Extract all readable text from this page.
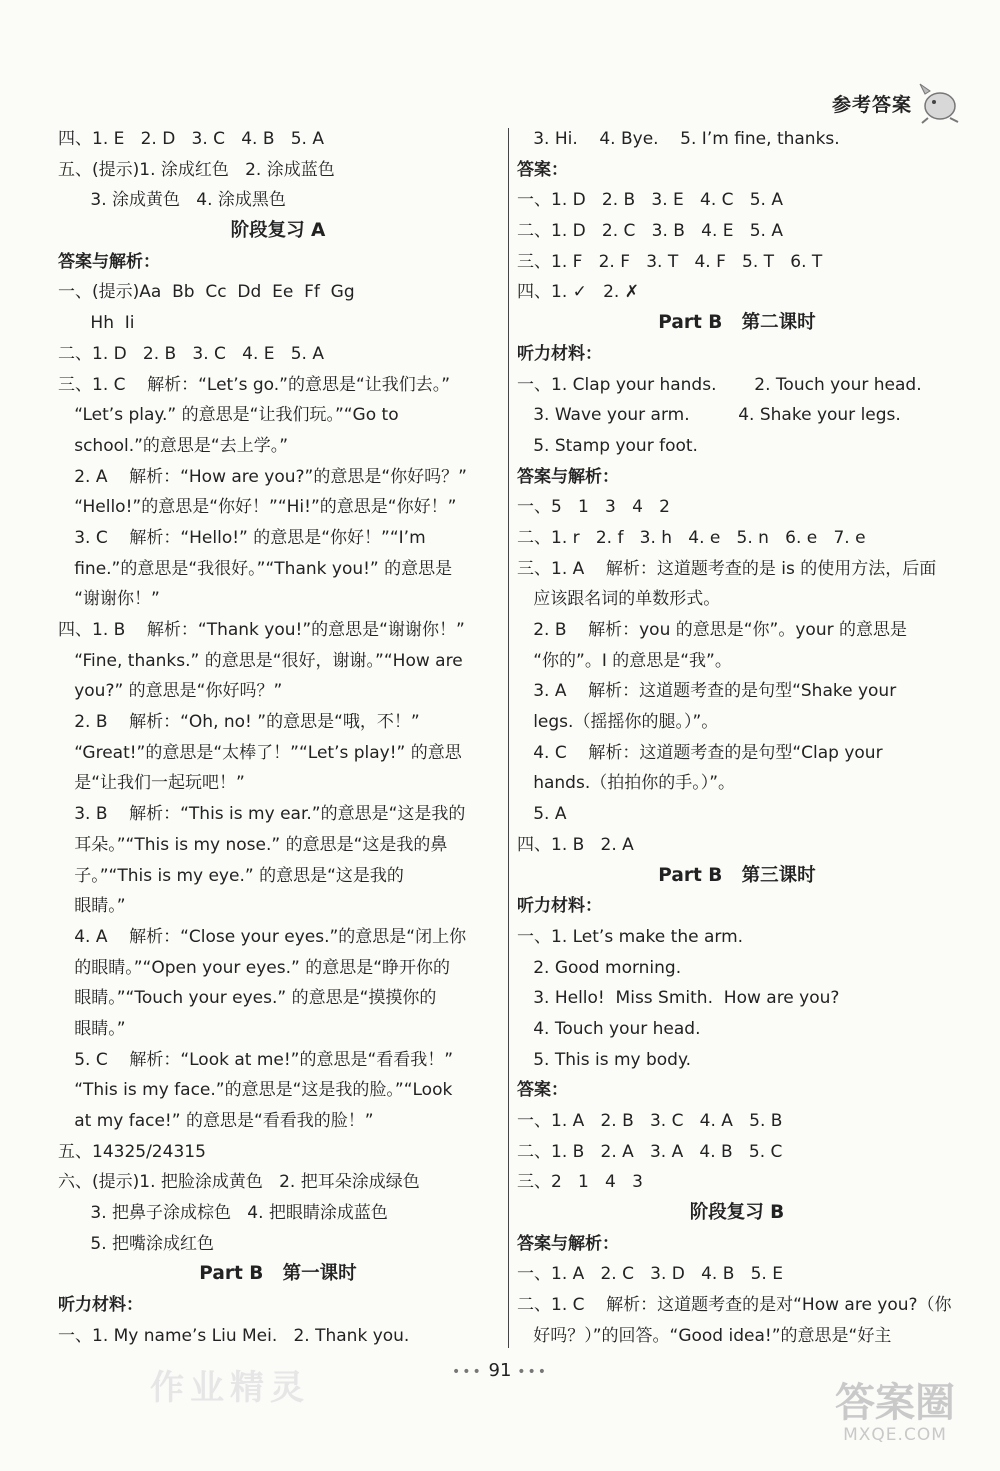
参考答案
四、1. E   2. D   3. C   4. B   5. A
五、(提示)1. 涂成红色   2. 涂成蓝色
3. 涂成黄色   4. 涂成黑色
阶段复习 A
答案与解析：
一、(提示)Aa  Bb  Cc  Dd  Ee  Ff  Gg
Hh  Ii
二、1. D   2. B   3. C   4. E   5. A
三、1. C    解析：“Let’s go.”的意思是“让我们去。”
“Let’s play.” 的意思是“让我们玩。”“Go to
school.”的意思是“去上学。”
2. A    解析：“How are you?”的意思是“你好吗？”
“Hello!”的意思是“你好！”“Hi!”的意思是“你好！”
3. C    解析：“Hello!” 的意思是“你好！”“I’m
fine.”的意思是“我很好。”“Thank you!” 的意思是
“谢谢你！”
四、1. B    解析：“Thank you!”的意思是“谢谢你！”
“Fine, thanks.” 的意思是“很好，谢谢。”“How are
you?” 的意思是“你好吗？”
2. B    解析：“Oh, no! ”的意思是“哦，不！”
“Great!”的意思是“太棒了！”“Let’s play!” 的意思
是“让我们一起玩吧！”
3. B    解析：“This is my ear.”的意思是“这是我的
耳朵。”“This is my nose.” 的意思是“这是我的鼻
子。”“This is my eye.” 的意思是“这是我的
眼睛。”
4. A    解析：“Close your eyes.”的意思是“闭上你
的眼睛。”“Open your eyes.” 的意思是“睁开你的
眼睛。”“Touch your eyes.” 的意思是“摸摸你的
眼睛。”
5. C    解析：“Look at me!”的意思是“看看我！”
“This is my face.”的意思是“这是我的脸。”“Look
at my face!” 的意思是“看看我的脸！”
五、14325/24315
六、(提示)1. 把脸涂成黄色   2. 把耳朵涂成绿色
3. 把鼻子涂成棕色   4. 把眼睛涂成蓝色
5. 把嘴涂成红色
Part B   第一课时
听力材料：
一、1. My name’s Liu Mei.   2. Thank you.
3. Hi.    4. Bye.    5. I’m fine, thanks.
答案：
一、1. D   2. B   3. E   4. C   5. A
二、1. D   2. C   3. B   4. E   5. A
三、1. F   2. F   3. T   4. F   5. T   6. T
四、1. ✓   2. ✗
Part B   第二课时
听力材料：
一、1. Clap your hands.       2. Touch your head.
3. Wave your arm.         4. Shake your legs.
5. Stamp your foot.
答案与解析：
一、5   1   3   4   2
二、1. r   2. f   3. h   4. e   5. n   6. e   7. e
三、1. A    解析：这道题考查的是 is 的使用方法，后面
应该跟名词的单数形式。
2. B    解析：you 的意思是“你”。your 的意思是
“你的”。I 的意思是“我”。
3. A    解析：这道题考查的是句型“Shake your
legs.（摇摇你的腿。）”。
4. C    解析：这道题考查的是句型“Clap your
hands.（拍拍你的手。）”。
5. A
四、1. B   2. A
Part B   第三课时
听力材料：
一、1. Let’s make the arm.
2. Good morning.
3. Hello!  Miss Smith.  How are you?
4. Touch your head.
5. This is my body.
答案：
一、1. A   2. B   3. C   4. A   5. B
二、1. B   2. A   3. A   4. B   5. C
三、2   1   4   3
阶段复习 B
答案与解析：
一、1. A   2. C   3. D   4. B   5. E
二、1. C    解析：这道题考查的是对“How are you?（你
好吗？）”的回答。“Good idea!”的意思是“好主
作业精灵	••• 91 •••
答案圈
MXQE.COM
